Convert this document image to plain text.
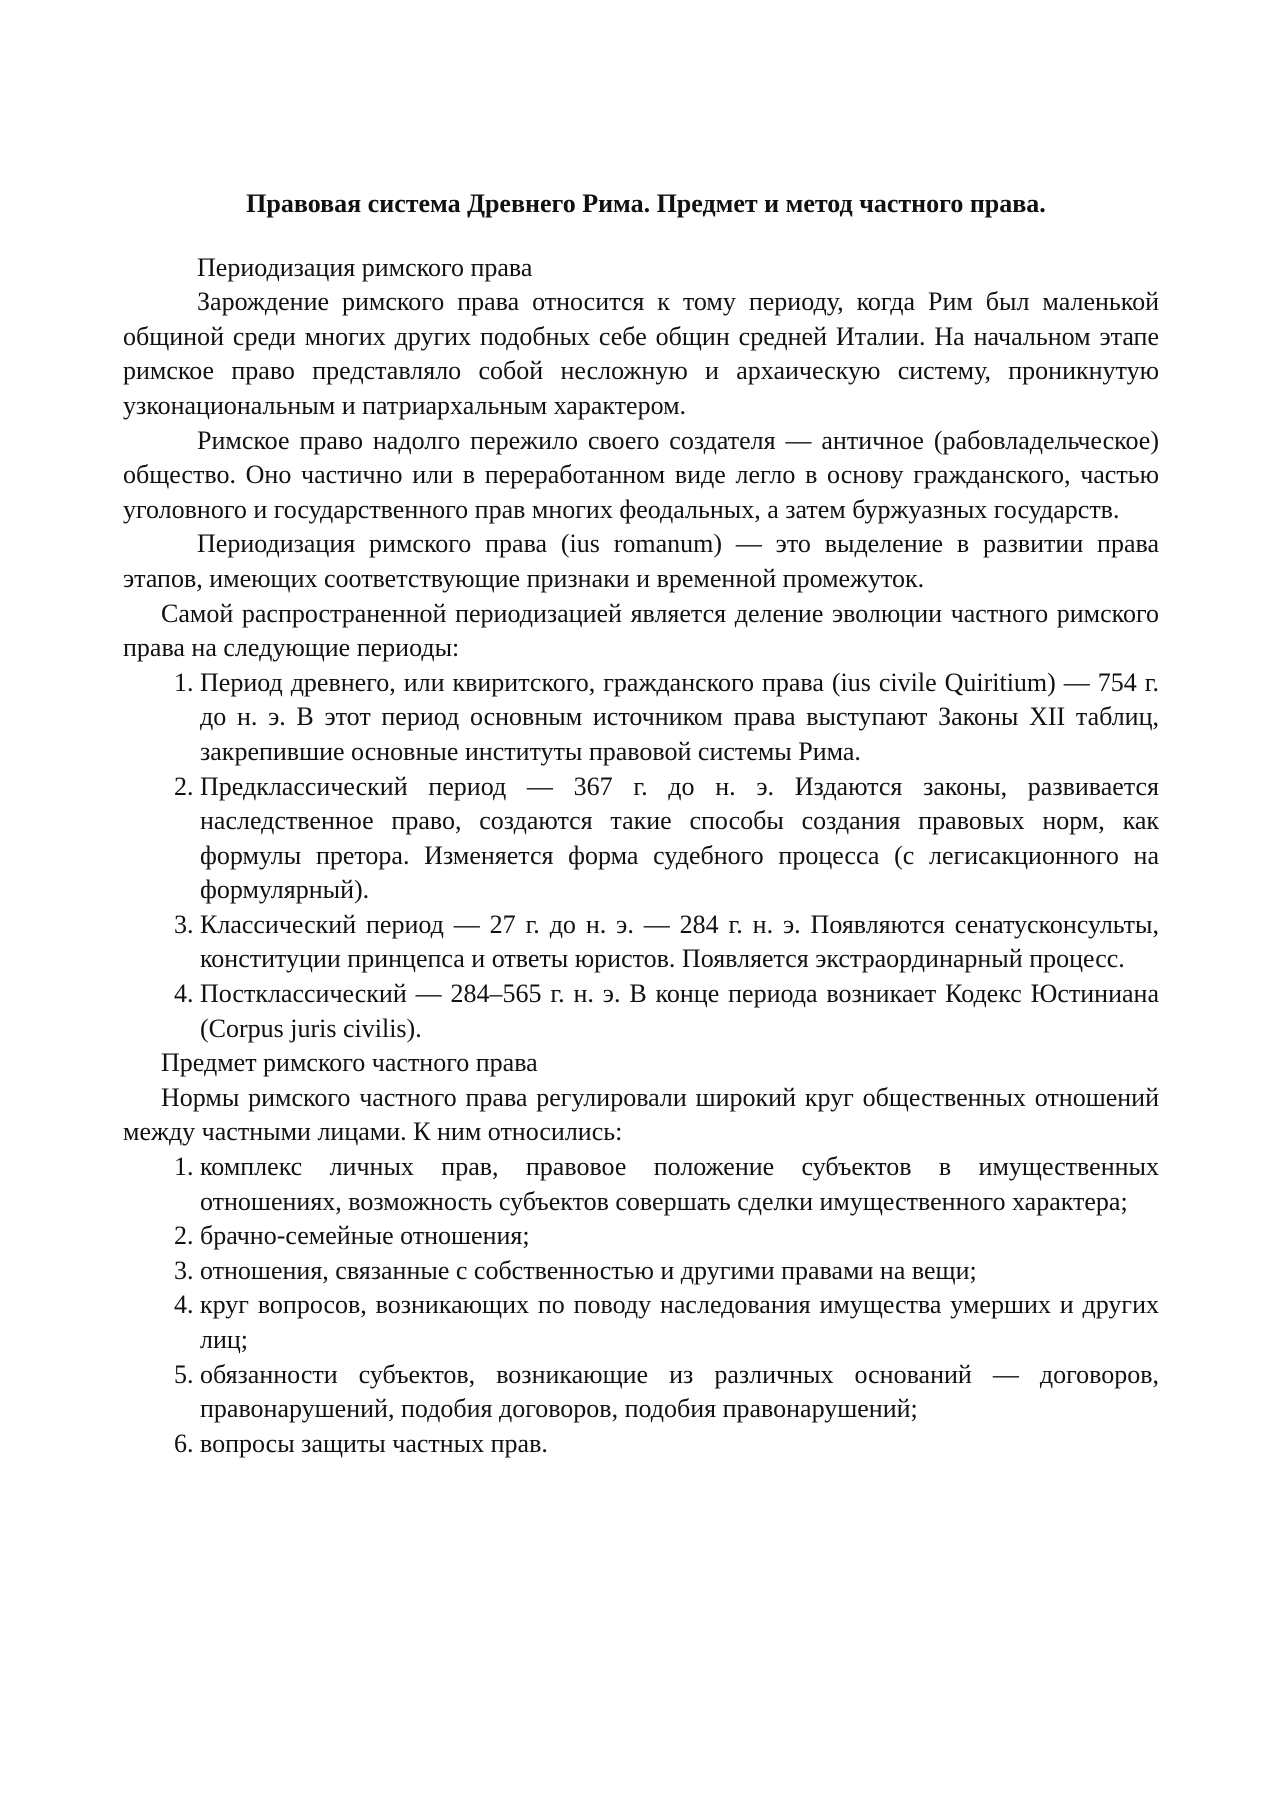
Правовая система Древнего Рима. Предмет и метод частного права.

Периодизация римского права

Зарождение римского права относится к тому периоду, когда Рим был маленькой общиной среди многих других подобных себе общин средней Италии. На начальном этапе римское право представляло собой несложную и архаическую систему, проникнутую узконациональным и патриархальным характером.

Римское право надолго пережило своего создателя — античное (рабовладельческое) общество. Оно частично или в переработанном виде легло в основу гражданского, частью уголовного и государственного прав многих феодальных, а затем буржуазных государств.

Периодизация римского права (ius romanum) — это выделение в развитии права этапов, имеющих соответствующие признаки и временной промежуток.

Самой распространенной периодизацией является деление эволюции частного римского права на следующие периоды:

1. Период древнего, или квиритского, гражданского права (ius civile Quiritium) — 754 г. до н. э. В этот период основным источником права выступают Законы XII таблиц, закрепившие основные институты правовой системы Рима.
2. Предклассический период — 367 г. до н. э. Издаются законы, развивается наследственное право, создаются такие способы создания правовых норм, как формулы претора. Изменяется форма судебного процесса (с легисакционного на формулярный).
3. Классический период — 27 г. до н. э. — 284 г. н. э. Появляются сенатусконсульты, конституции принцепса и ответы юристов. Появляется экстраординарный процесс.
4. Постклассический — 284–565 г. н. э. В конце периода возникает Кодекс Юстиниана (Corpus juris civilis).

Предмет римского частного права

Нормы римского частного права регулировали широкий круг общественных отношений между частными лицами. К ним относились:

1. комплекс личных прав, правовое положение субъектов в имущественных отношениях, возможность субъектов совершать сделки имущественного характера;
2. брачно-семейные отношения;
3. отношения, связанные с собственностью и другими правами на вещи;
4. круг вопросов, возникающих по поводу наследования имущества умерших и других лиц;
5. обязанности субъектов, возникающие из различных оснований — договоров, правонарушений, подобия договоров, подобия правонарушений;
6. вопросы защиты частных прав.
